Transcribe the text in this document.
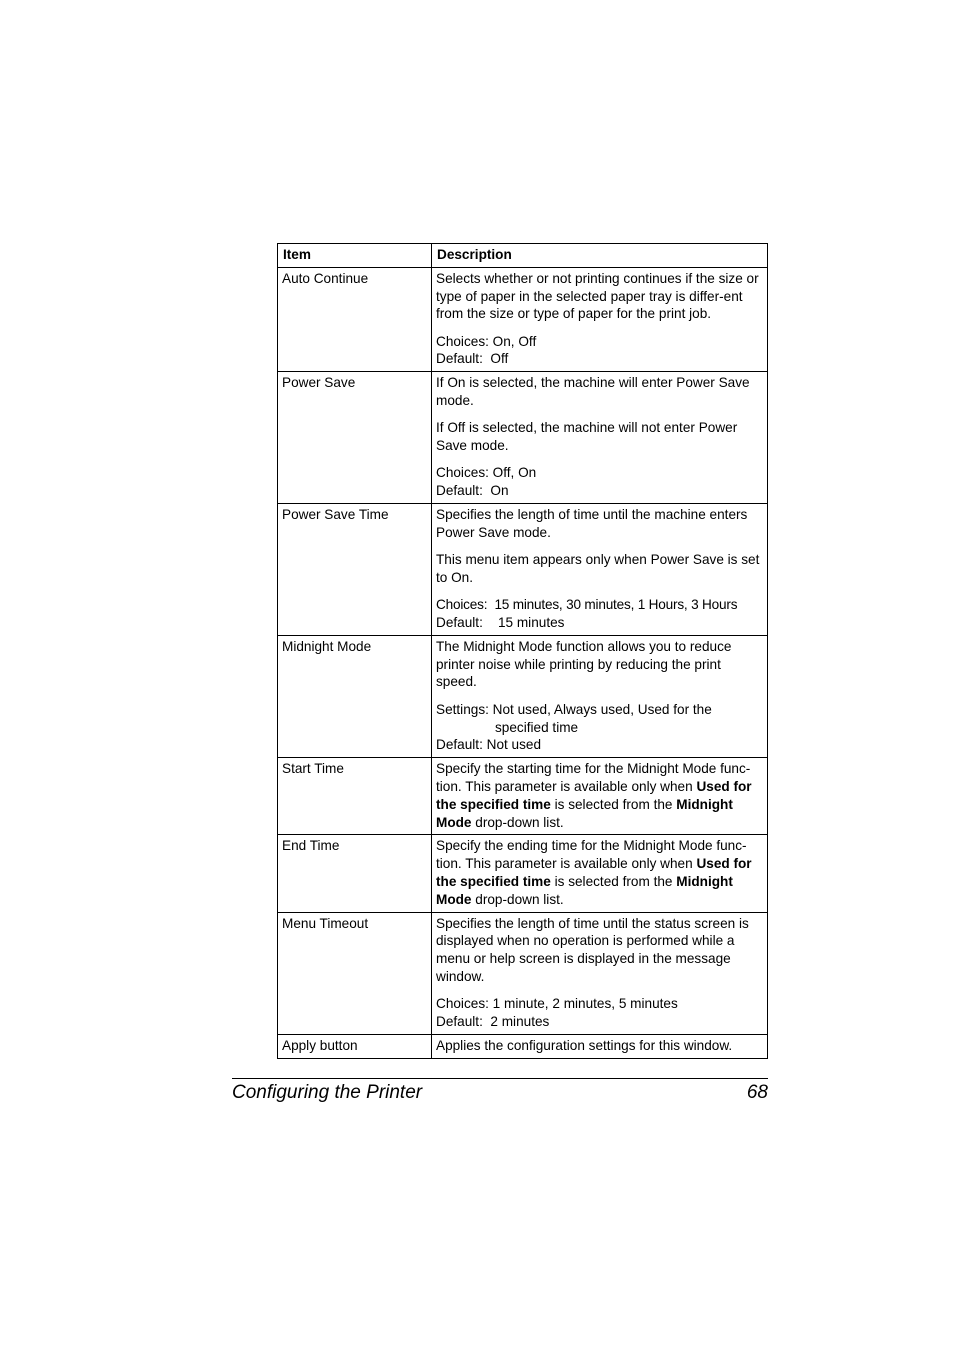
Item	Description
Auto Continue	Selects whether or not printing continues if the size or type of paper in the selected paper tray is differ-ent from the size or type of paper for the print job.

Choices: On, Off
Default:  Off

Power Save	If On is selected, the machine will enter Power Save mode.

If Off is selected, the machine will not enter Power Save mode.

Choices: Off, On
Default:  On

Power Save Time	Specifies the length of time until the machine enters Power Save mode.

This menu item appears only when Power Save is set to On.

Choices:  15 minutes, 30 minutes, 1 Hours, 3 Hours
Default:    15 minutes

Midnight Mode	The Midnight Mode function allows you to reduce printer noise while printing by reducing the print speed.

Settings: Not used, Always used, Used for the
specified time
Default: Not used

Start Time	Specify the starting time for the Midnight Mode func-tion. This parameter is available only when Used for the specified time is selected from the Midnight Mode drop-down list.

End Time	Specify the ending time for the Midnight Mode func-tion. This parameter is available only when Used for the specified time is selected from the Midnight Mode drop-down list.

Menu Timeout	Specifies the length of time until the status screen is displayed when no operation is performed while a menu or help screen is displayed in the message window.

Choices: 1 minute, 2 minutes, 5 minutes
Default:  2 minutes

Apply button	Applies the configuration settings for this window.

Configuring the Printer	68
